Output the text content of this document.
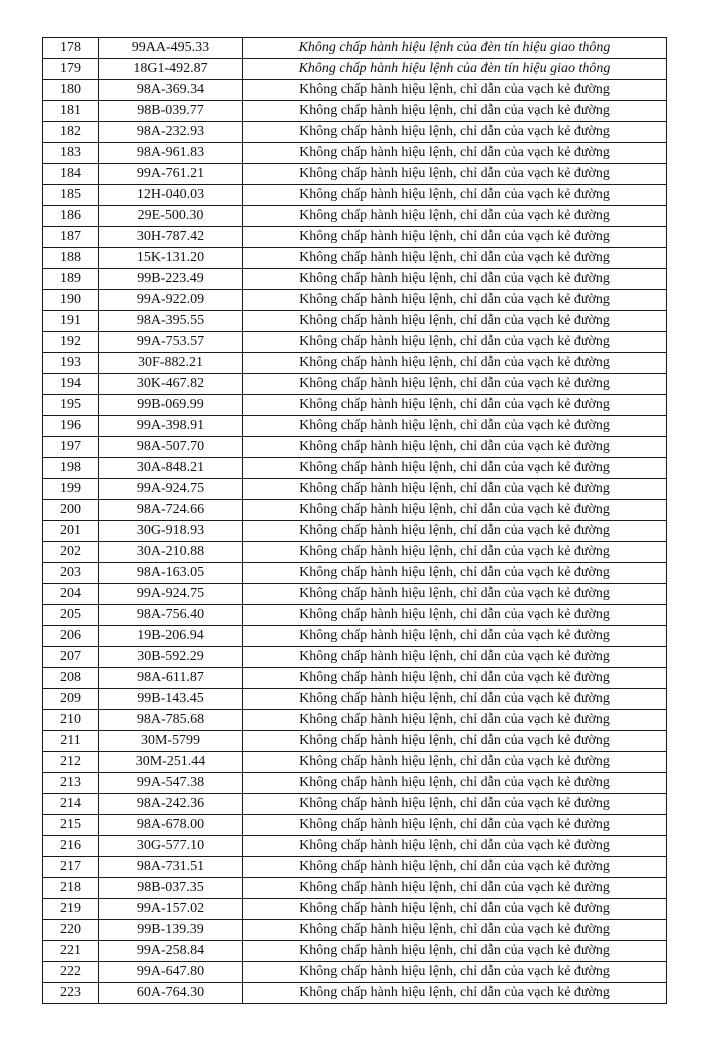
178	99AA-495.33	Không chấp hành hiệu lệnh của đèn tín hiệu giao thông
179	18G1-492.87	Không chấp hành hiệu lệnh của đèn tín hiệu giao thông
180	98A-369.34	Không chấp hành hiệu lệnh, chỉ dẫn của vạch kẻ đường
181	98B-039.77	Không chấp hành hiệu lệnh, chỉ dẫn của vạch kẻ đường
182	98A-232.93	Không chấp hành hiệu lệnh, chỉ dẫn của vạch kẻ đường
183	98A-961.83	Không chấp hành hiệu lệnh, chỉ dẫn của vạch kẻ đường
184	99A-761.21	Không chấp hành hiệu lệnh, chỉ dẫn của vạch kẻ đường
185	12H-040.03	Không chấp hành hiệu lệnh, chỉ dẫn của vạch kẻ đường
186	29E-500.30	Không chấp hành hiệu lệnh, chỉ dẫn của vạch kẻ đường
187	30H-787.42	Không chấp hành hiệu lệnh, chỉ dẫn của vạch kẻ đường
188	15K-131.20	Không chấp hành hiệu lệnh, chỉ dẫn của vạch kẻ đường
189	99B-223.49	Không chấp hành hiệu lệnh, chỉ dẫn của vạch kẻ đường
190	99A-922.09	Không chấp hành hiệu lệnh, chỉ dẫn của vạch kẻ đường
191	98A-395.55	Không chấp hành hiệu lệnh, chỉ dẫn của vạch kẻ đường
192	99A-753.57	Không chấp hành hiệu lệnh, chỉ dẫn của vạch kẻ đường
193	30F-882.21	Không chấp hành hiệu lệnh, chỉ dẫn của vạch kẻ đường
194	30K-467.82	Không chấp hành hiệu lệnh, chỉ dẫn của vạch kẻ đường
195	99B-069.99	Không chấp hành hiệu lệnh, chỉ dẫn của vạch kẻ đường
196	99A-398.91	Không chấp hành hiệu lệnh, chỉ dẫn của vạch kẻ đường
197	98A-507.70	Không chấp hành hiệu lệnh, chỉ dẫn của vạch kẻ đường
198	30A-848.21	Không chấp hành hiệu lệnh, chỉ dẫn của vạch kẻ đường
199	99A-924.75	Không chấp hành hiệu lệnh, chỉ dẫn của vạch kẻ đường
200	98A-724.66	Không chấp hành hiệu lệnh, chỉ dẫn của vạch kẻ đường
201	30G-918.93	Không chấp hành hiệu lệnh, chỉ dẫn của vạch kẻ đường
202	30A-210.88	Không chấp hành hiệu lệnh, chỉ dẫn của vạch kẻ đường
203	98A-163.05	Không chấp hành hiệu lệnh, chỉ dẫn của vạch kẻ đường
204	99A-924.75	Không chấp hành hiệu lệnh, chỉ dẫn của vạch kẻ đường
205	98A-756.40	Không chấp hành hiệu lệnh, chỉ dẫn của vạch kẻ đường
206	19B-206.94	Không chấp hành hiệu lệnh, chỉ dẫn của vạch kẻ đường
207	30B-592.29	Không chấp hành hiệu lệnh, chỉ dẫn của vạch kẻ đường
208	98A-611.87	Không chấp hành hiệu lệnh, chỉ dẫn của vạch kẻ đường
209	99B-143.45	Không chấp hành hiệu lệnh, chỉ dẫn của vạch kẻ đường
210	98A-785.68	Không chấp hành hiệu lệnh, chỉ dẫn của vạch kẻ đường
211	30M-5799	Không chấp hành hiệu lệnh, chỉ dẫn của vạch kẻ đường
212	30M-251.44	Không chấp hành hiệu lệnh, chỉ dẫn của vạch kẻ đường
213	99A-547.38	Không chấp hành hiệu lệnh, chỉ dẫn của vạch kẻ đường
214	98A-242.36	Không chấp hành hiệu lệnh, chỉ dẫn của vạch kẻ đường
215	98A-678.00	Không chấp hành hiệu lệnh, chỉ dẫn của vạch kẻ đường
216	30G-577.10	Không chấp hành hiệu lệnh, chỉ dẫn của vạch kẻ đường
217	98A-731.51	Không chấp hành hiệu lệnh, chỉ dẫn của vạch kẻ đường
218	98B-037.35	Không chấp hành hiệu lệnh, chỉ dẫn của vạch kẻ đường
219	99A-157.02	Không chấp hành hiệu lệnh, chỉ dẫn của vạch kẻ đường
220	99B-139.39	Không chấp hành hiệu lệnh, chỉ dẫn của vạch kẻ đường
221	99A-258.84	Không chấp hành hiệu lệnh, chỉ dẫn của vạch kẻ đường
222	99A-647.80	Không chấp hành hiệu lệnh, chỉ dẫn của vạch kẻ đường
223	60A-764.30	Không chấp hành hiệu lệnh, chỉ dẫn của vạch kẻ đường
